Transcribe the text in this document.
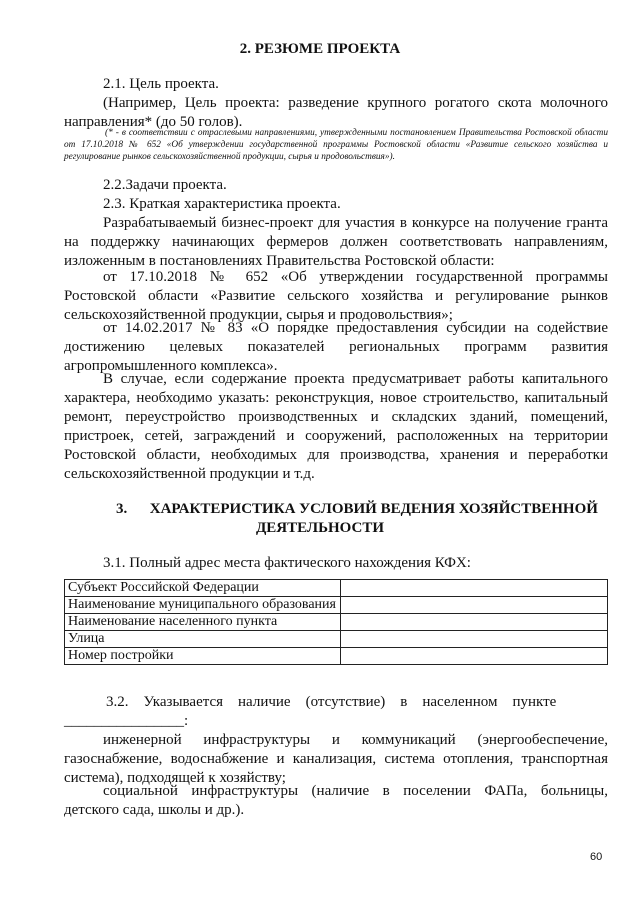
2. РЕЗЮМЕ ПРОЕКТА

2.1. Цель проекта.

(Например, Цель проекта: разведение крупного рогатого скота молочного направления* (до 50 голов).

(* - в соответствии с отраслевыми направлениями, утвержденными постановлением Правительства Ростовской области от 17.10.2018 № 652 «Об утверждении государственной программы Ростовской области «Развитие сельского хозяйства и регулирование рынков сельскохозяйственной продукции, сырья и продовольствия»).

2.2.Задачи проекта.

2.3. Краткая характеристика проекта.

Разрабатываемый бизнес-проект для участия в конкурсе на получение гранта на поддержку начинающих фермеров должен соответствовать направлениям, изложенным в постановлениях Правительства Ростовской области:

от 17.10.2018 № 652 «Об утверждении государственной программы Ростовской области «Развитие сельского хозяйства и регулирование рынков сельскохозяйственной продукции, сырья и продовольствия»;

от 14.02.2017 № 83 «О порядке предоставления субсидии на содействие достижению целевых показателей региональных программ развития агропромышленного комплекса».

В случае, если содержание проекта предусматривает работы капитального характера, необходимо указать: реконструкция, новое строительство, капитальный ремонт, переустройство производственных и складских зданий, помещений, пристроек, сетей, заграждений и сооружений, расположенных на территории Ростовской области, необходимых для производства, хранения и переработки сельскохозяйственной продукции и т.д.

3.      ХАРАКТЕРИСТИКА УСЛОВИЙ ВЕДЕНИЯ ХОЗЯЙСТВЕННОЙ
ДЕЯТЕЛЬНОСТИ

3.1. Полный адрес места фактического нахождения КФХ:

Субъект Российской Федерации	
Наименование муниципального образования	
Наименование населенного пункта	
Улица	
Номер постройки	

3.2.    Указывается    наличие    (отсутствие)    в    населенном    пункте

________________:

инженерной инфраструктуры и коммуникаций (энергообеспечение, газоснабжение, водоснабжение и канализация, система отопления, транспортная система), подходящей к хозяйству;

социальной инфраструктуры (наличие в поселении ФАПа, больницы, детского сада, школы и др.).

60
